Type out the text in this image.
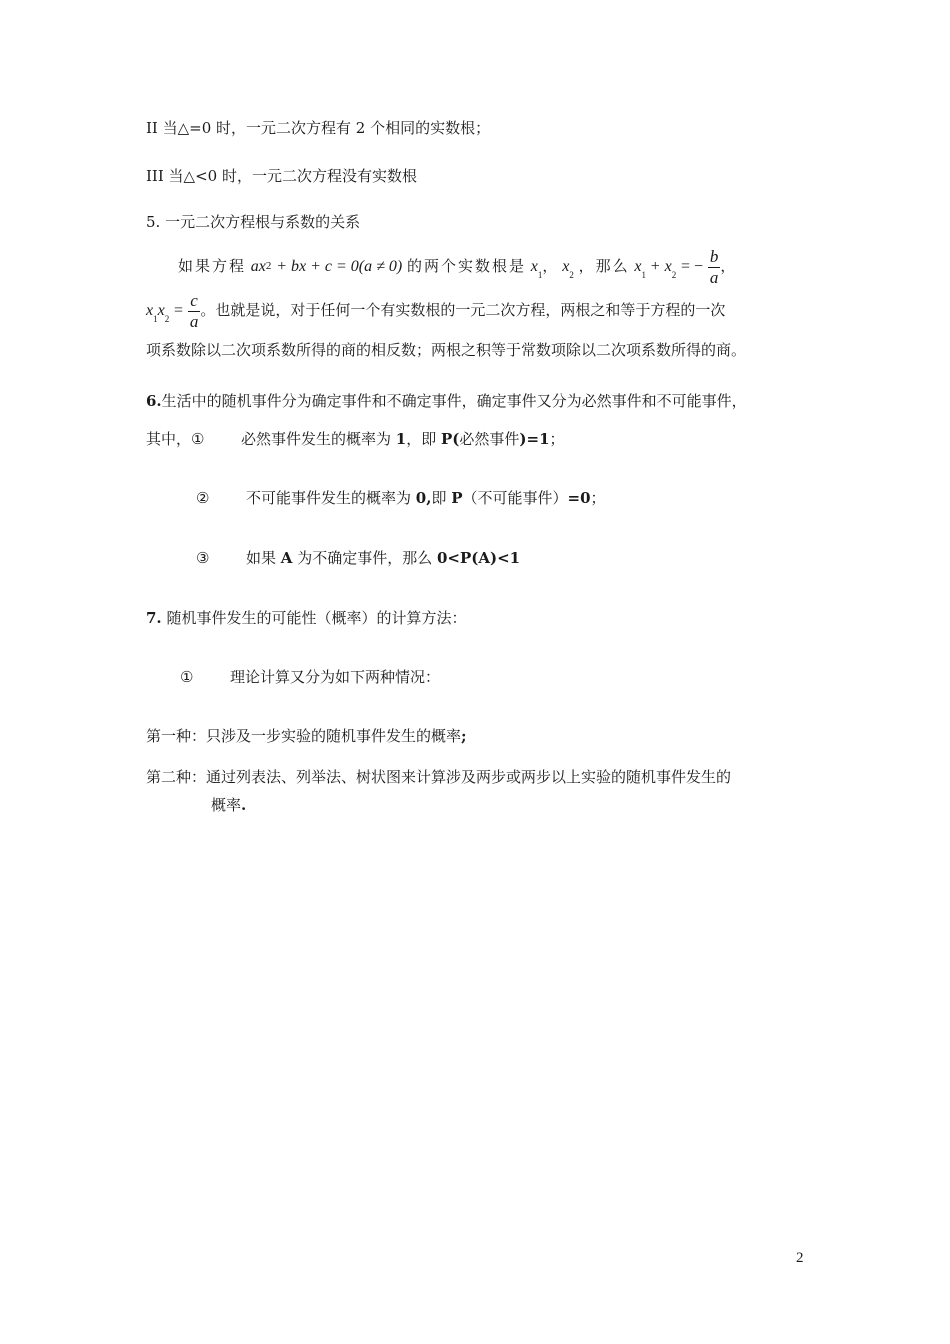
II 当△=0 时，一元二次方程有 2 个相同的实数根；
III 当△<0 时，一元二次方程没有实数根
5. 一元二次方程根与系数的关系
如果方程 ax2 + bx + c = 0(a ≠ 0) 的两个实数根是 $x_1$， $x_2$ ，那么 $x_1 + x_2$ = − $\frac{b}{a}$ ，
$x_1x_2 = \frac{c}{a}$ 。也就是说，对于任何一个有实数根的一元二次方程，两根之和等于方程的一次
项系数除以二次项系数所得的商的相反数；两根之积等于常数项除以二次项系数所得的商。
6.生活中的随机事件分为确定事件和不确定事件，确定事件又分为必然事件和不可能事件，
其中，① 必然事件发生的概率为 1，即 P(必然事件)=1；
② 不可能事件发生的概率为 0,即 P（不可能事件）=0；
③ 如果 A 为不确定事件，那么 0<P(A)<1
7. 随机事件发生的可能性（概率）的计算方法：
① 理论计算又分为如下两种情况：
第一种：只涉及一步实验的随机事件发生的概率;
第二种：通过列表法、列举法、树状图来计算涉及两步或两步以上实验的随机事件发生的
概率.
2
